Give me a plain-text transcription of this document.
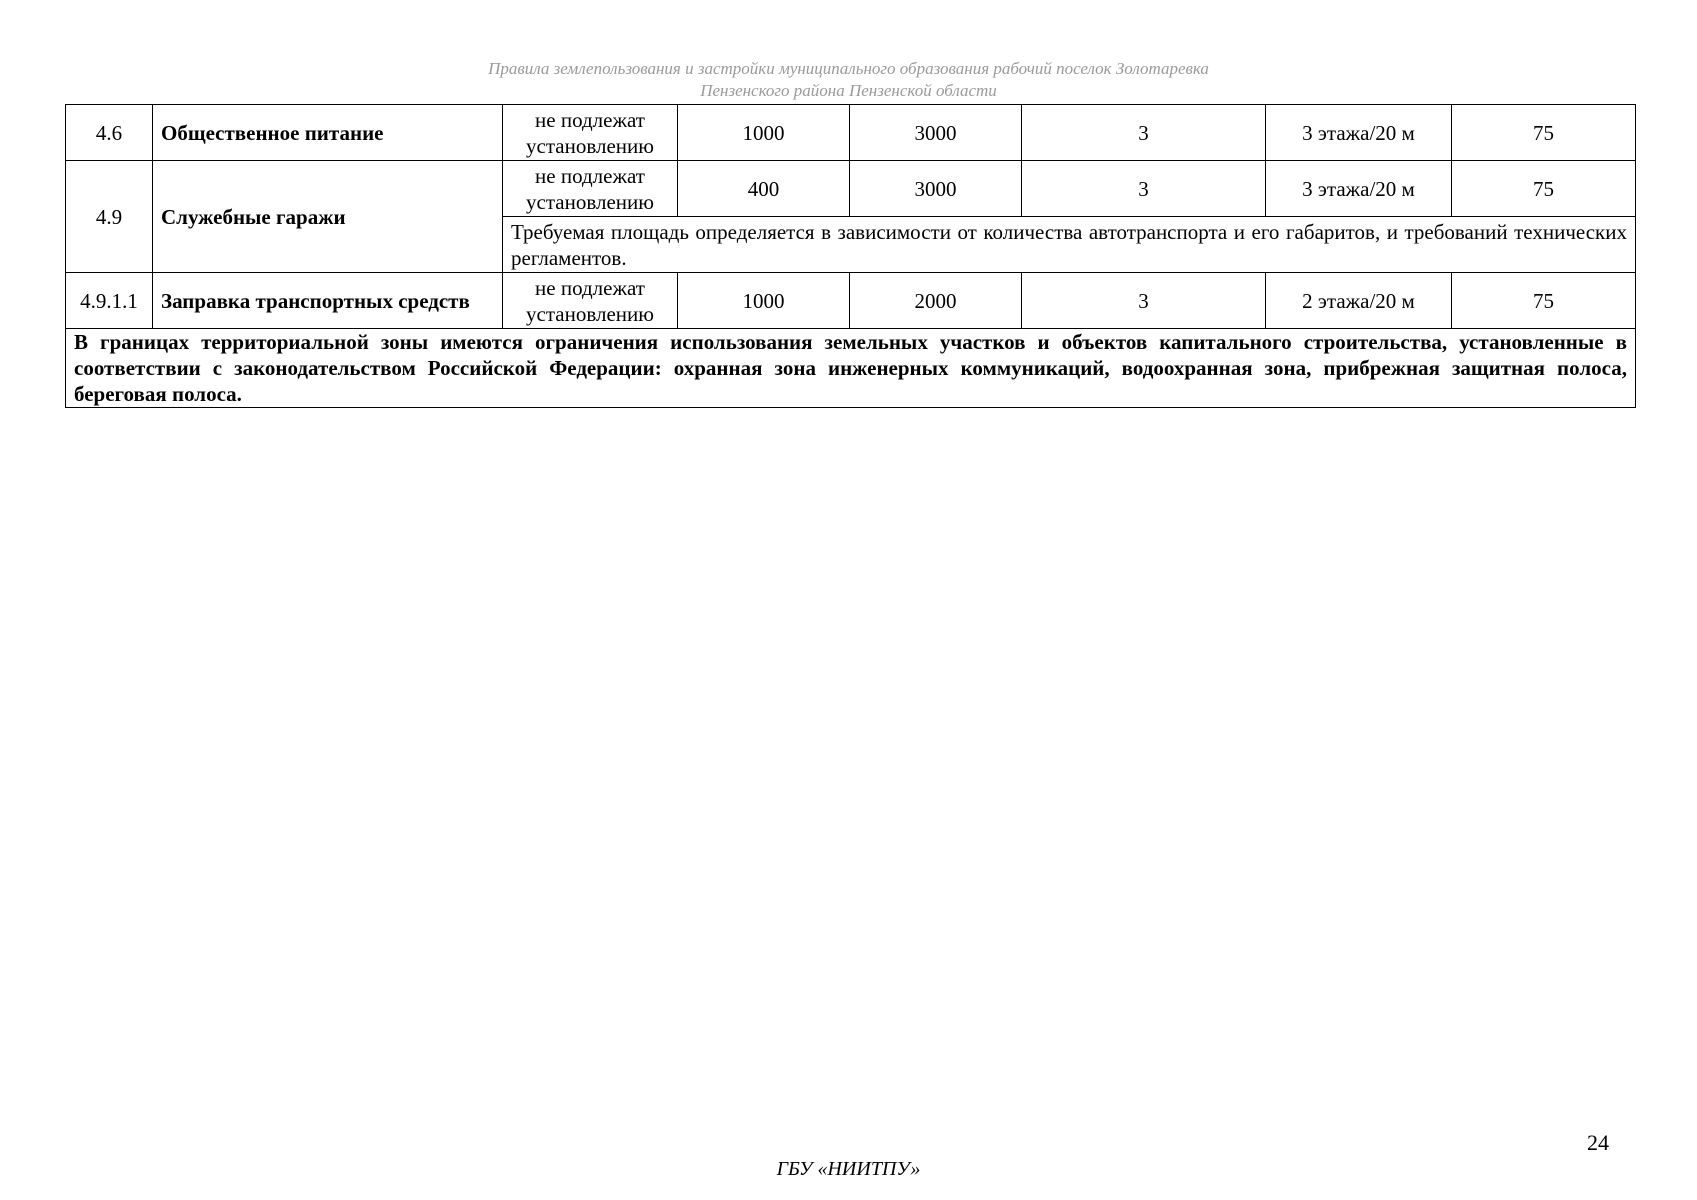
Правила землепользования и застройки муниципального образования рабочий поселок Золотаревка
Пензенского района Пензенской области
4.6	Общественное питание	не подлежат установлению	1000	3000	3	3 этажа/20 м	75
4.9	Служебные гаражи	не подлежат установлению	400	3000	3	3 этажа/20 м	75
		Требуемая площадь определяется в зависимости от количества автотранспорта и его габаритов, и требований технических регламентов.					
4.9.1.1	Заправка транспортных средств	не подлежат установлению	1000	2000	3	2 этажа/20 м	75
В границах территориальной зоны имеются ограничения использования земельных участков и объектов капитального строительства, установленные в соответствии с законодательством Российской Федерации: охранная зона инженерных коммуникаций, водоохранная зона, прибрежная защитная полоса, береговая полоса.							
24
ГБУ «НИИТПУ»
